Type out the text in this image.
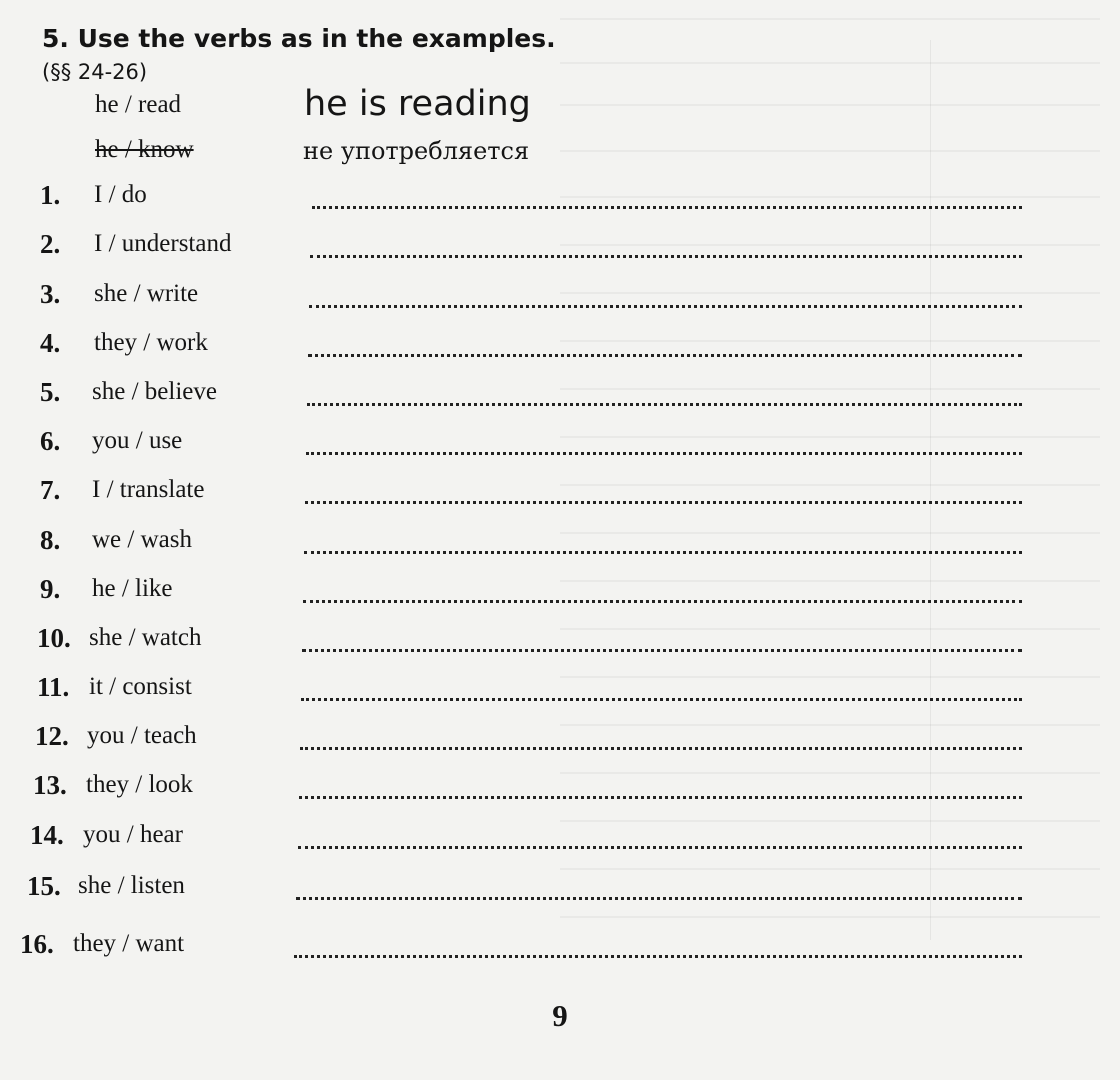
5. Use the verbs as in the examples.
(§§ 24-26)
he / read	he is reading
he / know	не употребляется
1. I / do
2. I / understand
3. she / write
4. they / work
5. she / believe
6. you / use
7. I / translate
8. we / wash
9. he / like
10. she / watch
11. it / consist
12. you / teach
13. they / look
14. you / hear
15. she / listen
16. they / want
9
